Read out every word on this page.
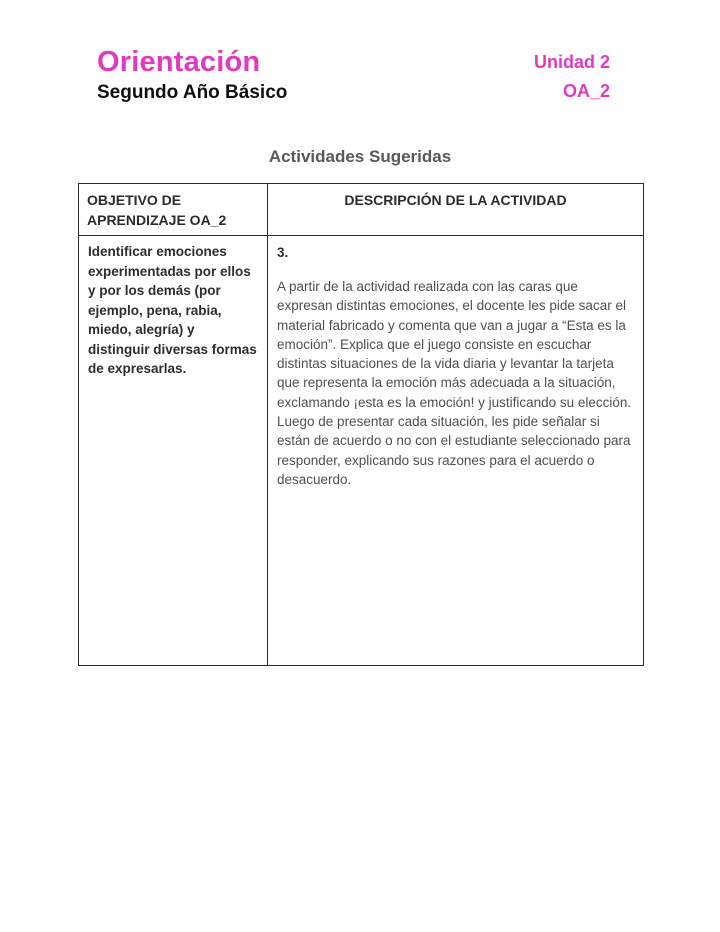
Orientación
Segundo Año Básico
Unidad 2
OA_2
Actividades Sugeridas
OBJETIVO DE APRENDIZAJE OA_2	DESCRIPCIÓN DE LA ACTIVIDAD

Identificar emociones experimentadas por ellos y por los demás (por ejemplo, pena, rabia, miedo, alegría) y distinguir diversas formas de expresarlas.	3.
A partir de la actividad realizada con las caras que expresan distintas emociones, el docente les pide sacar el material fabricado y comenta que van a jugar a “Esta es la emoción”. Explica que el juego consiste en escuchar distintas situaciones de la vida diaria y levantar la tarjeta que representa la emoción más adecuada a la situación, exclamando ¡esta es la emoción! y justificando su elección. Luego de presentar cada situación, les pide señalar si están de acuerdo o no con el estudiante seleccionado para responder, explicando sus razones para el acuerdo o desacuerdo.
